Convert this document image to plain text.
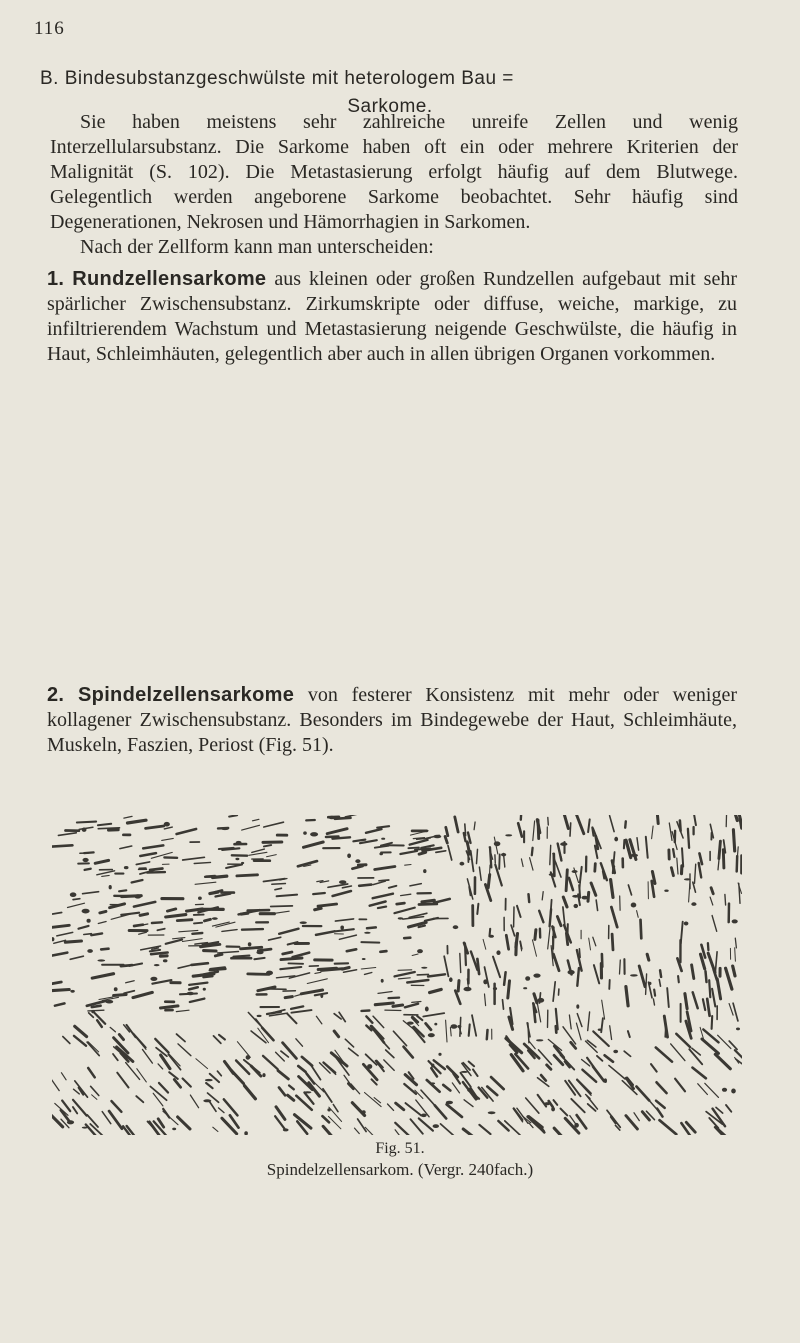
116
B. Bindesubstanzgeschwülste mit heterologem Bau =
Sarkome.

Sie haben meistens sehr zahlreiche unreife Zellen und wenig Interzellularsubstanz. Die Sarkome haben oft ein oder mehrere Kriterien der Malignität (S. 102). Die Metastasierung erfolgt häufig auf dem Blutwege. Gelegentlich werden angeborene Sarkome beobachtet. Sehr häufig sind Degenerationen, Nekrosen und Hämorrhagien in Sarkomen.

Nach der Zellform kann man unterscheiden:

1. Rundzellensarkome aus kleinen oder großen Rundzellen aufgebaut mit sehr spärlicher Zwischensubstanz. Zirkumskripte oder diffuse, weiche, markige, zu infiltrierendem Wachstum und Metastasierung neigende Geschwülste, die häufig in Haut, Schleimhäuten, gelegentlich aber auch in allen übrigen Organen vorkommen.

2. Spindelzellensarkome von festerer Konsistenz mit mehr oder weniger kollagener Zwischensubstanz. Besonders im Bindegewebe der Haut, Schleimhäute, Muskeln, Faszien, Periost (Fig. 51).

Fig. 51.
Spindelzellensarkom. (Vergr. 240fach.)
